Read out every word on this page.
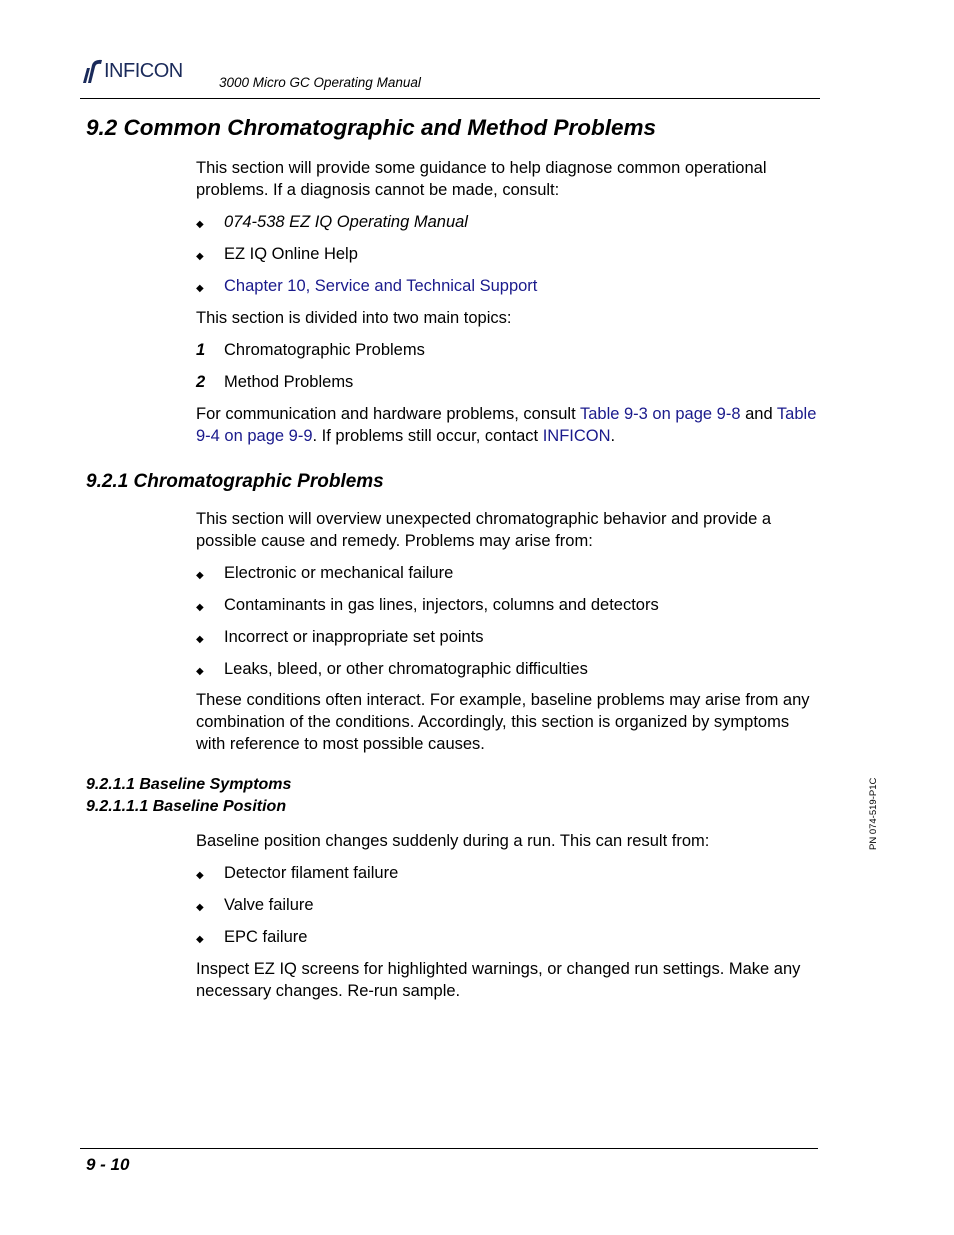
INFICON
3000 Micro GC Operating Manual
9.2 Common Chromatographic and Method Problems
This section will provide some guidance to help diagnose common operational problems. If a diagnosis cannot be made, consult:
◆	074-538 EZ IQ Operating Manual
◆	EZ IQ Online Help
◆	Chapter 10, Service and Technical Support
This section is divided into two main topics:
1	Chromatographic Problems
2	Method Problems
For communication and hardware problems, consult Table 9-3 on page 9-8 and Table 9-4 on page 9-9. If problems still occur, contact INFICON.
9.2.1 Chromatographic Problems
This section will overview unexpected chromatographic behavior and provide a possible cause and remedy. Problems may arise from:
◆	Electronic or mechanical failure
◆	Contaminants in gas lines, injectors, columns and detectors
◆	Incorrect or inappropriate set points
◆	Leaks, bleed, or other chromatographic difficulties
These conditions often interact. For example, baseline problems may arise from any combination of the conditions. Accordingly, this section is organized by symptoms with reference to most possible causes.
9.2.1.1 Baseline Symptoms
9.2.1.1.1 Baseline Position
Baseline position changes suddenly during a run. This can result from:
◆	Detector filament failure
◆	Valve failure
◆	EPC failure
Inspect EZ IQ screens for highlighted warnings, or changed run settings. Make any necessary changes. Re-run sample.
PN 074-519-P1C
9 - 10
